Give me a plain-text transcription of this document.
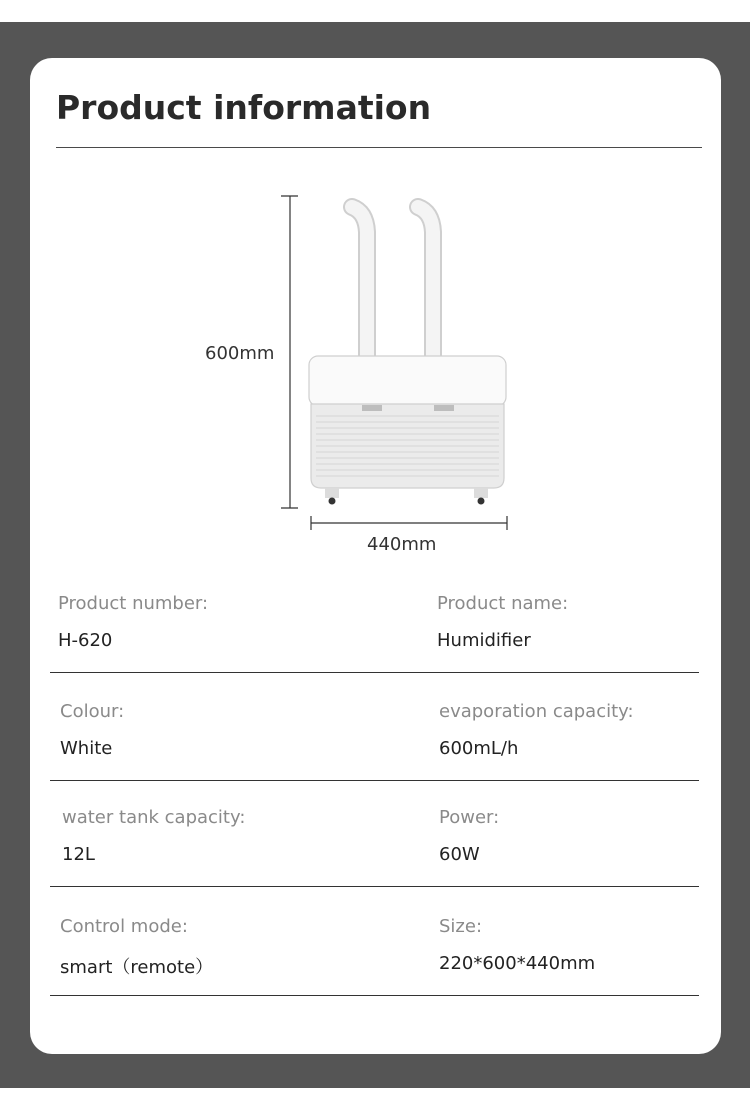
Product information
600mm
440mm
Product number:
H-620
Product name:
Humidifier
Colour:
White
evaporation capacity:
600mL/h
water tank capacity:
12L
Power:
60W
Control mode:
smart（remote）
Size:
220*600*440mm
